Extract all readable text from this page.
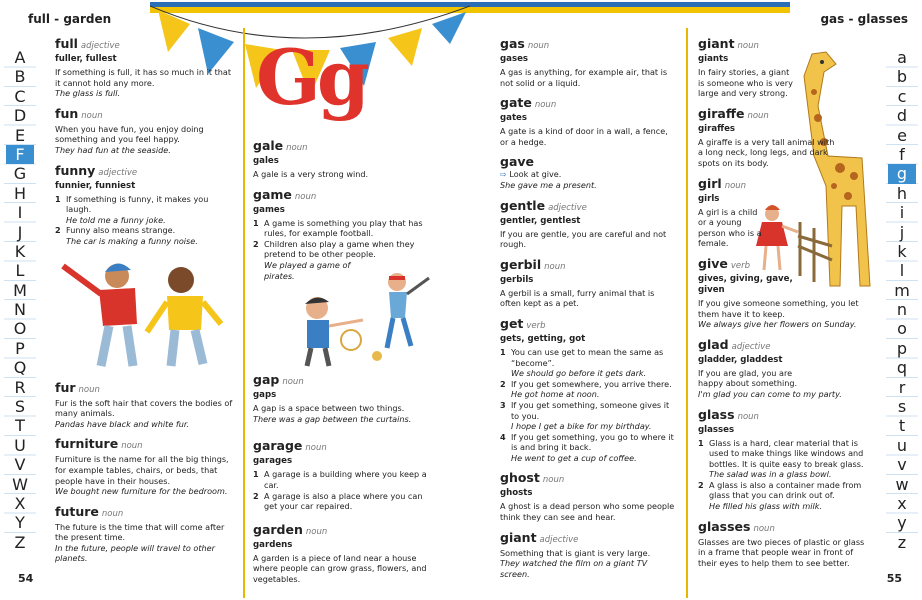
full - garden	gas - glasses
A
B
C
D
E
F
G
H
I
J
K
L
M
N
O
P
Q
R
S
T
U
V
W
X
Y
Z
a
b
c
d
e
f
g
h
i
j
k
l
m
n
o
p
q
r
s
t
u
v
w
x
y
z
54	55
Gg
full adjective
fuller, fullest
If something is full, it has so much in it that it cannot hold any more.
The glass is full.
fun noun
When you have fun, you enjoy doing something and you feel happy.
They had fun at the seaside.
funny adjective
funnier, funniest
1 If something is funny, it makes you laugh.
He told me a funny joke.
2 Funny also means strange.
The car is making a funny noise.
fur noun
Fur is the soft hair that covers the bodies of many animals.
Pandas have black and white fur.
furniture noun
Furniture is the name for all the big things, for example tables, chairs, or beds, that people have in their houses.
We bought new furniture for the bedroom.
future noun
The future is the time that will come after the present time.
In the future, people will travel to other planets.
gale noun
gales
A gale is a very strong wind.
game noun
games
1 A game is something you play that has rules, for example football.
2 Children also play a game when they pretend to be other people.
We played a game of pirates.
gap noun
gaps
A gap is a space between two things.
There was a gap between the curtains.
garage noun
garages
1 A garage is a building where you keep a car.
2 A garage is also a place where you can get your car repaired.
garden noun
gardens
A garden is a piece of land near a house where people can grow grass, flowers, and vegetables.
gas noun
gases
A gas is anything, for example air, that is not solid or a liquid.
gate noun
gates
A gate is a kind of door in a wall, a fence, or a hedge.
gave
⇨ Look at give.
She gave me a present.
gentle adjective
gentler, gentlest
If you are gentle, you are careful and not rough.
gerbil noun
gerbils
A gerbil is a small, furry animal that is often kept as a pet.
get verb
gets, getting, got
1 You can use get to mean the same as “become”.
We should go before it gets dark.
2 If you get somewhere, you arrive there.
He got home at noon.
3 If you get something, someone gives it to you.
I hope I get a bike for my birthday.
4 If you get something, you go to where it is and bring it back.
He went to get a cup of coffee.
ghost noun
ghosts
A ghost is a dead person who some people think they can see and hear.
giant adjective
Something that is giant is very large.
They watched the film on a giant TV screen.
giant noun
giants
In fairy stories, a giant is someone who is very large and very strong.
giraffe noun
giraffes
A giraffe is a very tall animal with a long neck, long legs, and dark spots on its body.
girl noun
girls
A girl is a child or a young person who is a female.
give verb
gives, giving, gave, given
If you give someone something, you let them have it to keep.
We always give her flowers on Sunday.
glad adjective
gladder, gladdest
If you are glad, you are happy about something.
I'm glad you can come to my party.
glass noun
glasses
1 Glass is a hard, clear material that is used to make things like windows and bottles. It is quite easy to break glass.
The salad was in a glass bowl.
2 A glass is also a container made from glass that you can drink out of.
He filled his glass with milk.
glasses noun
Glasses are two pieces of plastic or glass in a frame that people wear in front of their eyes to help them to see better.
